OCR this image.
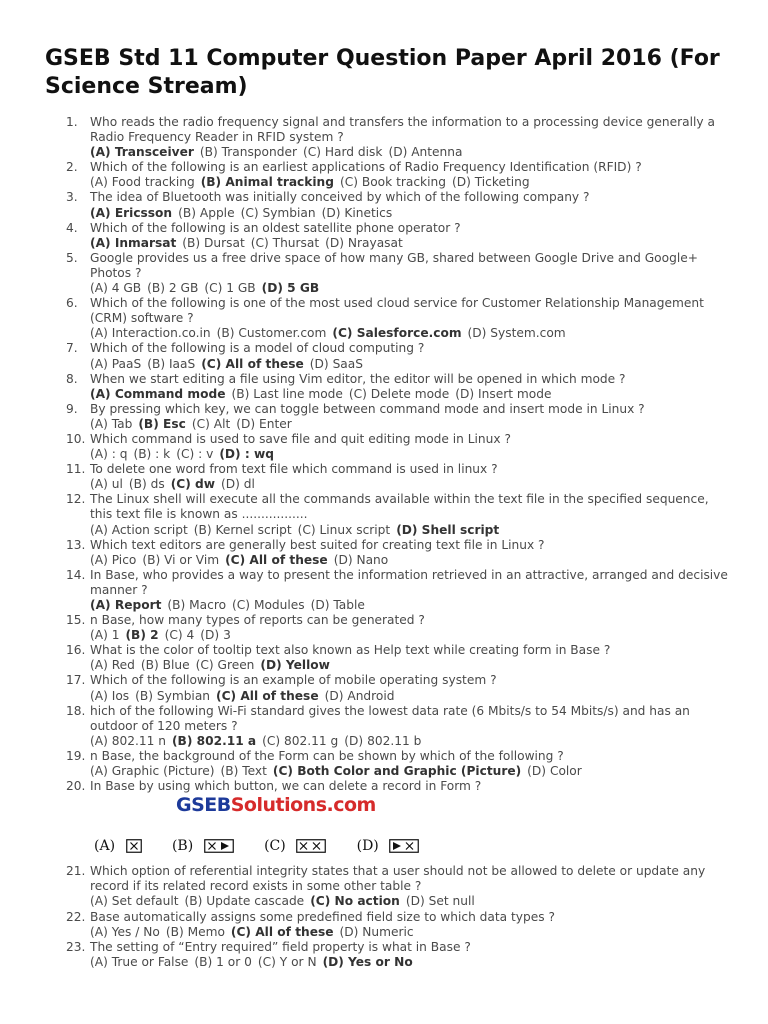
GSEB Std 11 Computer Question Paper April 2016 (For Science Stream)
1. Who reads the radio frequency signal and transfers the information to a processing device generally a Radio Frequency Reader in RFID system ?
(A) Transceiver (B) Transponder (C) Hard disk (D) Antenna
2. Which of the following is an earliest applications of Radio Frequency Identification (RFID) ?
(A) Food tracking (B) Animal tracking (C) Book tracking (D) Ticketing
3. The idea of Bluetooth was initially conceived by which of the following company ?
(A) Ericsson (B) Apple (C) Symbian (D) Kinetics
4. Which of the following is an oldest satellite phone operator ?
(A) Inmarsat (B) Dursat (C) Thursat (D) Nrayasat
5. Google provides us a free drive space of how many GB, shared between Google Drive and Google+ Photos ?
(A) 4 GB (B) 2 GB (C) 1 GB (D) 5 GB
6. Which of the following is one of the most used cloud service for Customer Relationship Management (CRM) software ?
(A) Interaction.co.in (B) Customer.com (C) Salesforce.com (D) System.com
7. Which of the following is a model of cloud computing ?
(A) PaaS (B) IaaS (C) All of these (D) SaaS
8. When we start editing a file using Vim editor, the editor will be opened in which mode ?
(A) Command mode (B) Last line mode (C) Delete mode (D) Insert mode
9. By pressing which key, we can toggle between command mode and insert mode in Linux ?
(A) Tab (B) Esc (C) Alt (D) Enter
10. Which command is used to save file and quit editing mode in Linux ?
(A) : q (B) : k (C) : v (D) : wq
11. To delete one word from text file which command is used in linux ?
(A) ul (B) ds (C) dw (D) dl
12. The Linux shell will execute all the commands available within the text file in the specified sequence, this text file is known as .................
(A) Action script (B) Kernel script (C) Linux script (D) Shell script
13. Which text editors are generally best suited for creating text file in Linux ?
(A) Pico (B) Vi or Vim (C) All of these (D) Nano
14. In Base, who provides a way to present the information retrieved in an attractive, arranged and decisive manner ?
(A) Report (B) Macro (C) Modules (D) Table
15. n Base, how many types of reports can be generated ?
(A) 1 (B) 2 (C) 4 (D) 3
16. What is the color of tooltip text also known as Help text while creating form in Base ?
(A) Red (B) Blue (C) Green (D) Yellow
17. Which of the following is an example of mobile operating system ?
(A) Ios (B) Symbian (C) All of these (D) Android
18. hich of the following Wi-Fi standard gives the lowest data rate (6 Mbits/s to 54 Mbits/s) and has an outdoor of 120 meters ?
(A) 802.11 n (B) 802.11 a (C) 802.11 g (D) 802.11 b
19. n Base, the background of the Form can be shown by which of the following ?
(A) Graphic (Picture) (B) Text (C) Both Color and Graphic (Picture) (D) Color
20. In Base by using which button, we can delete a record in Form ?
GSEBSolutions.com
(A)	(B)	(C)	(D)
21. Which option of referential integrity states that a user should not be allowed to delete or update any record if its related record exists in some other table ?
(A) Set default (B) Update cascade (C) No action (D) Set null
22. Base automatically assigns some predefined field size to which data types ?
(A) Yes / No (B) Memo (C) All of these (D) Numeric
23. The setting of “Entry required” field property is what in Base ?
(A) True or False (B) 1 or 0 (C) Y or N (D) Yes or No
